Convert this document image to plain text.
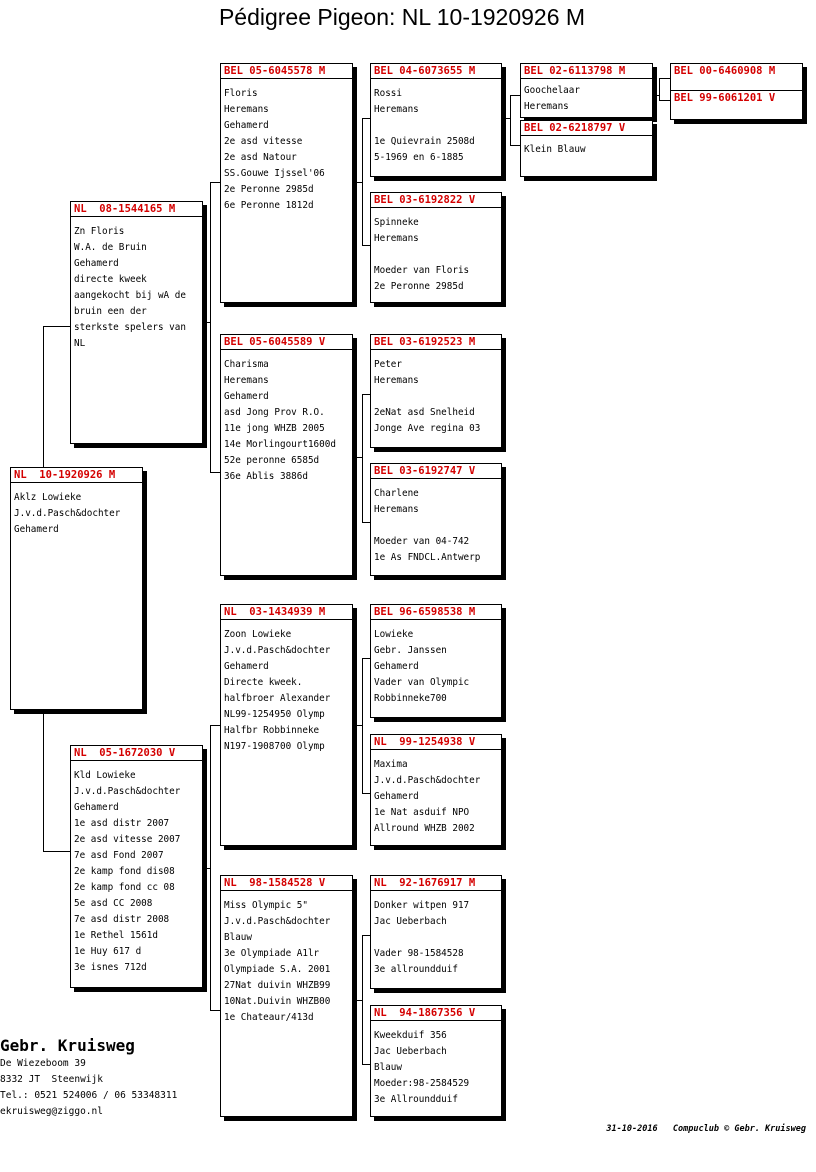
Pédigree Pigeon: NL 10-1920926 M
NL  10-1920926 M
Aklz Lowieke
J.v.d.Pasch&dochter
Gehamerd
NL  08-1544165 M
Zn Floris
W.A. de Bruin
Gehamerd
directe kweek
aangekocht bij wA de
bruin een der
sterkste spelers van
NL
NL  05-1672030 V
Kld Lowieke
J.v.d.Pasch&dochter
Gehamerd
1e asd distr 2007
2e asd vitesse 2007
7e asd Fond 2007
2e kamp fond dis08
2e kamp fond cc 08
5e asd CC 2008
7e asd distr 2008
1e Rethel 1561d
1e Huy 617 d
3e isnes 712d
BEL 05-6045578 M
Floris
Heremans
Gehamerd
2e asd vitesse
2e asd Natour
SS.Gouwe Ijssel'06
2e Peronne 2985d
6e Peronne 1812d
BEL 05-6045589 V
Charisma
Heremans
Gehamerd
asd Jong Prov R.O.
11e jong WHZB 2005
14e Morlingourt1600d
52e peronne 6585d
36e Ablis 3886d
NL  03-1434939 M
Zoon Lowieke
J.v.d.Pasch&dochter
Gehamerd
Directe kweek.
halfbroer Alexander
NL99-1254950 Olymp
Halfbr Robbinneke
N197-1908700 Olymp
NL  98-1584528 V
Miss Olympic 5"
J.v.d.Pasch&dochter
Blauw
3e Olympiade A1lr
Olympiade S.A. 2001
27Nat duivin WHZB99
10Nat.Duivin WHZB00
1e Chateaur/413d
BEL 04-6073655 M
Rossi
Heremans
1e Quievrain 2508d
5-1969 en 6-1885
BEL 03-6192822 V
Spinneke
Heremans
Moeder van Floris
2e Peronne 2985d
BEL 03-6192523 M
Peter
Heremans
2eNat asd Snelheid
Jonge Ave regina 03
BEL 03-6192747 V
Charlene
Heremans
Moeder van 04-742
1e As FNDCL.Antwerp
BEL 96-6598538 M
Lowieke
Gebr. Janssen
Gehamerd
Vader van Olympic
Robbinneke700
NL  99-1254938 V
Maxima
J.v.d.Pasch&dochter
Gehamerd
1e Nat asduif NPO
Allround WHZB 2002
NL  92-1676917 M
Donker witpen 917
Jac Ueberbach
Vader 98-1584528
3e allroundduif
NL  94-1867356 V
Kweekduif 356
Jac Ueberbach
Blauw
Moeder:98-2584529
3e Allroundduif
BEL 02-6113798 M
Goochelaar
Heremans
BEL 02-6218797 V
Klein Blauw
BEL 00-6460908 M
BEL 99-6061201 V
Gebr. Kruisweg
De Wiezeboom 39
8332 JT  Steenwijk
Tel.: 0521 524006 / 06 53348311
ekruisweg@ziggo.nl
31-10-2016   Compuclub © Gebr. Kruisweg
